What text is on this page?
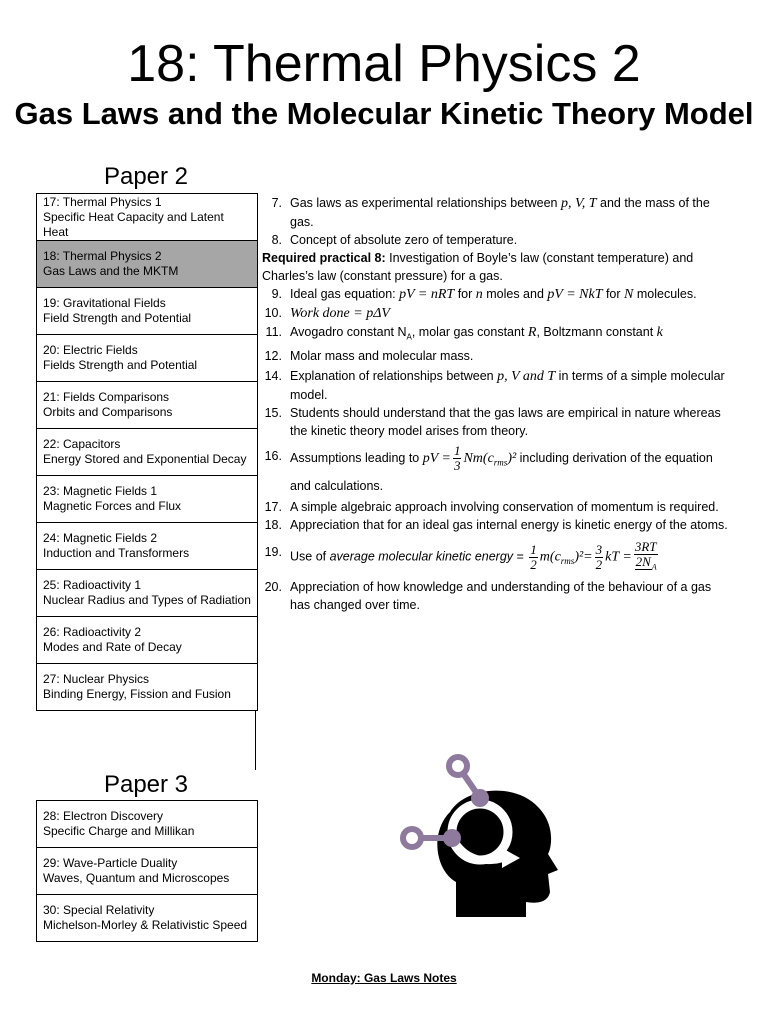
18: Thermal Physics 2
Gas Laws and the Molecular Kinetic Theory Model
Paper 2
17: Thermal Physics 1
Specific Heat Capacity and Latent Heat
18: Thermal Physics 2
Gas Laws and the MKTM
19: Gravitational Fields
Field Strength and Potential
20: Electric Fields
Fields Strength and Potential
21: Fields Comparisons
Orbits and Comparisons
22: Capacitors
Energy Stored and Exponential Decay
23: Magnetic Fields 1
Magnetic Forces and Flux
24: Magnetic Fields 2
Induction and Transformers
25: Radioactivity 1
Nuclear Radius and Types of Radiation
26: Radioactivity 2
Modes and Rate of Decay
27: Nuclear Physics
Binding Energy, Fission and Fusion
Paper 3
28: Electron Discovery
Specific Charge and Millikan
29: Wave-Particle Duality
Waves, Quantum and Microscopes
30: Special Relativity
Michelson-Morley & Relativistic Speed
7. Gas laws as experimental relationships between p, V, T and the mass of the gas.
8. Concept of absolute zero of temperature.

Required practical 8: Investigation of Boyle’s law (constant temperature) and Charles’s law (constant pressure) for a gas.

9. Ideal gas equation: pV = nRT for n moles and pV = NkT for N molecules.
10. Work done = pΔV
11. Avogadro constant $N_A$, molar gas constant R, Boltzmann constant k
12. Molar mass and molecular mass.
14. Explanation of relationships between p, V and T in terms of a simple molecular model.
15. Students should understand that the gas laws are empirical in nature whereas the kinetic theory model arises from theory.
16. Assumptions leading to pV = $\frac{1}{3} Nm(c_{rms})^2$ including derivation of the equation and calculations.
17. A simple algebraic approach involving conservation of momentum is required.
18. Appreciation that for an ideal gas internal energy is kinetic energy of the atoms.
19. Use of average molecular kinetic energy = $\frac{1}{2} m(c_{rms})^2= \frac{3}{2}$ kT = $\frac{3RT}{2N_A}$
20. Appreciation of how knowledge and understanding of the behaviour of a gas has changed over time.
Monday: Gas Laws Notes
